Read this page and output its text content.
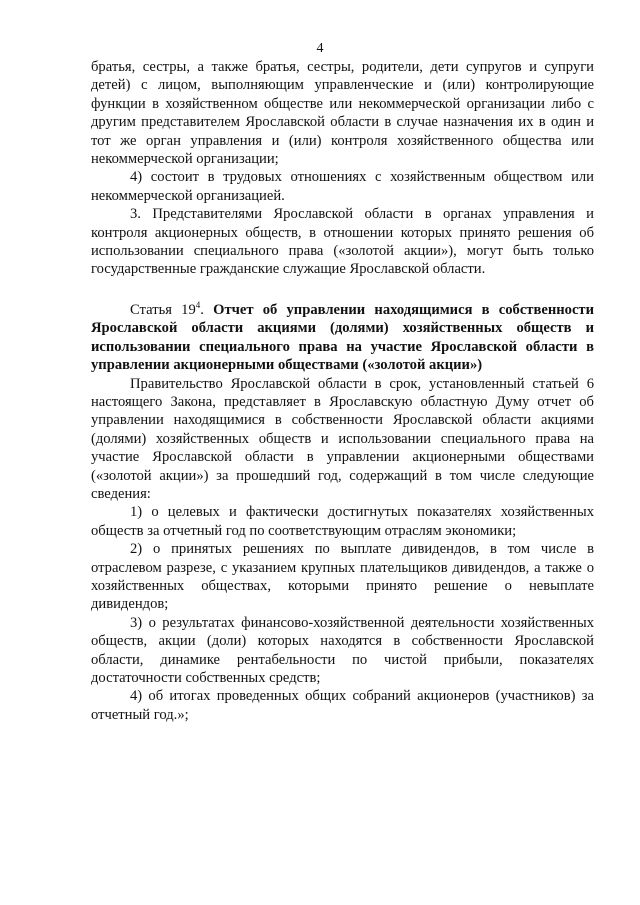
4

братья, сестры, а также братья, сестры, родители, дети супругов и супруги детей) с лицом, выполняющим управленческие и (или) контролирующие функции в хозяйственном обществе или некоммерческой организации либо с другим представителем Ярославской области в случае назначения их в один и тот же орган управления и (или) контроля хозяйственного общества или некоммерческой организации;

4) состоит в трудовых отношениях с хозяйственным обществом или некоммерческой организацией.

3. Представителями Ярославской области в органах управления и контроля акционерных обществ, в отношении которых принято решения об использовании специального права («золотой акции»), могут быть только государственные гражданские служащие Ярославской области.

Статья $19^4$. Отчет об управлении находящимися в собственности Ярославской области акциями (долями) хозяйственных обществ и использовании специального права на участие Ярославской области в управлении акционерными обществами («золотой акции»)

Правительство Ярославской области в срок, установленный статьей 6 настоящего Закона, представляет в Ярославскую областную Думу отчет об управлении находящимися в собственности Ярославской области акциями (долями) хозяйственных обществ и использовании специального права на участие Ярославской области в управлении акционерными обществами («золотой акции») за прошедший год, содержащий в том числе следующие сведения:

1) о целевых и фактически достигнутых показателях хозяйственных обществ за отчетный год по соответствующим отраслям экономики;

2) о принятых решениях по выплате дивидендов, в том числе в отраслевом разрезе, с указанием крупных плательщиков дивидендов, а также о хозяйственных обществах, которыми принято решение о невыплате дивидендов;

3) о результатах финансово-хозяйственной деятельности хозяйственных обществ, акции (доли) которых находятся в собственности Ярославской области, динамике рентабельности по чистой прибыли, показателях достаточности собственных средств;

4) об итогах проведенных общих собраний акционеров (участников) за отчетный год.»;
